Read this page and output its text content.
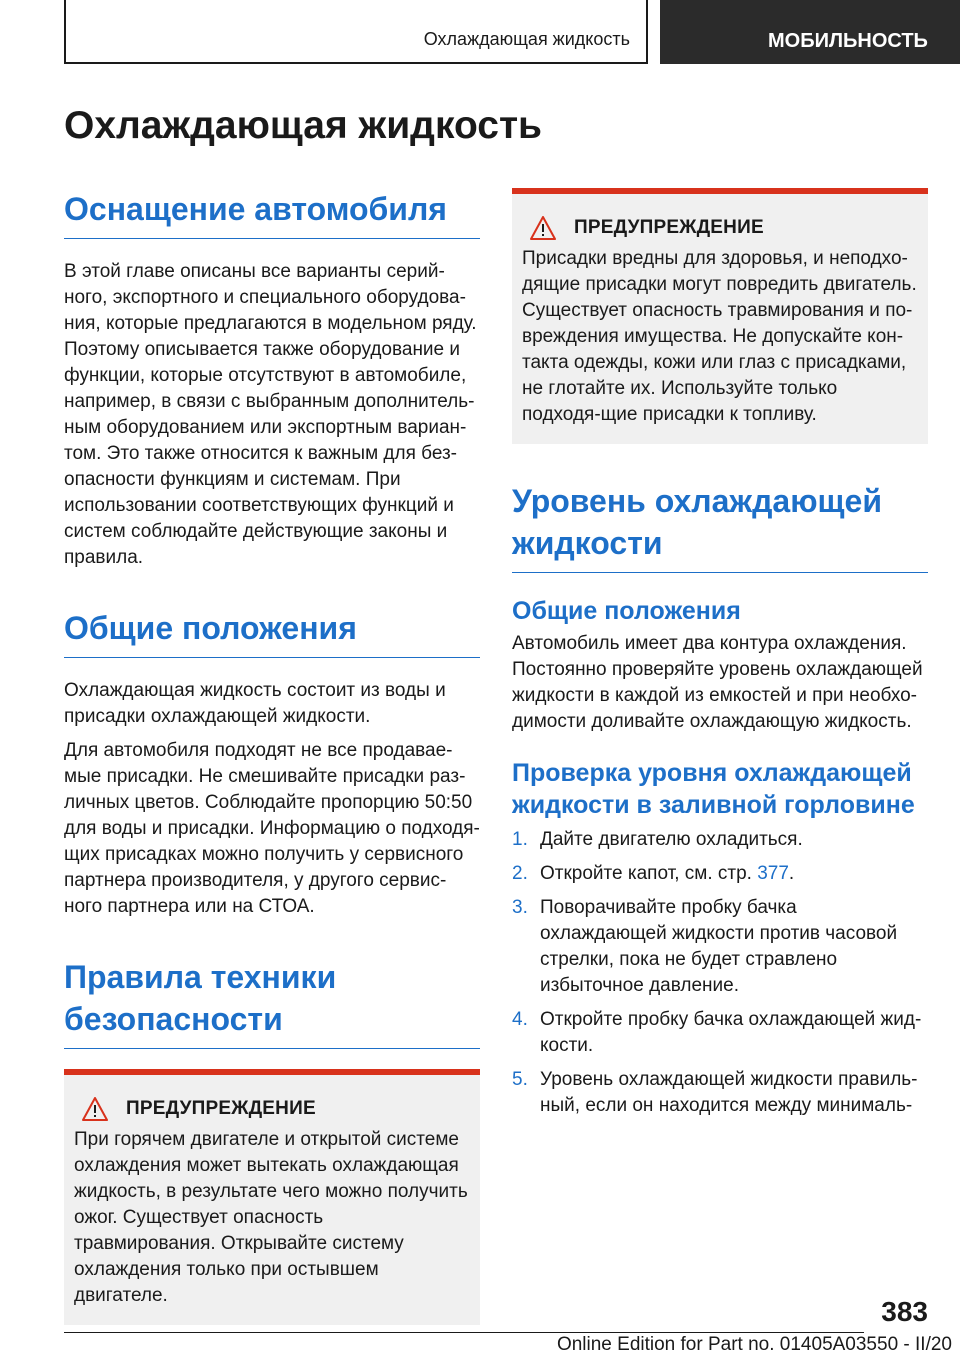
Охлаждающая жидкость	МОБИЛЬНОСТЬ
Охлаждающая жидкость
Оснащение автомобиля

В этой главе описаны все варианты серий-ного, экспортного и специального оборудова-ния, которые предлагаются в модельном ряду. Поэтому описывается также оборудование и функции, которые отсутствуют в автомобиле, например, в связи с выбранным дополнитель-ным оборудованием или экспортным вариан-том. Это также относится к важным для без-опасности функциям и системам. При использовании соответствующих функций и систем соблюдайте действующие законы и правила.

Общие положения

Охлаждающая жидкость состоит из воды и присадки охлаждающей жидкости.

Для автомобиля подходят не все продавае-мые присадки. Не смешивайте присадки раз-личных цветов. Соблюдайте пропорцию 50:50 для воды и присадки. Информацию о подходя-щих присадках можно получить у сервисного партнера производителя, у другого сервис-ного партнера или на СТОА.

Правила техники безопасности
ПРЕДУПРЕЖДЕНИЕ

При горячем двигателе и открытой системе охлаждения может вытекать охлаждающая жидкость, в результате чего можно получить ожог. Существует опасность травмирования. Открывайте систему охлаждения только при остывшем двигателе.

ПРЕДУПРЕЖДЕНИЕ

Присадки вредны для здоровья, и неподхо-дящие присадки могут повредить двигатель. Существует опасность травмирования и по-вреждения имущества. Не допускайте кон-такта одежды, кожи или глаз с присадками, не глотайте их. Используйте только подходя-щие присадки к топливу.

Уровень охлаждающей жидкости
Общие положения

Автомобиль имеет два контура охлаждения. Постоянно проверяйте уровень охлаждающей жидкости в каждой из емкостей и при необхо-димости доливайте охлаждающую жидкость.

Проверка уровня охлаждающей жидкости в заливной горловине
1. Дайте двигателю охладиться.

2. Откройте капот, см. стр. 377.

3. Поворачивайте пробку бачка охлаждающей жидкости против часовой стрелки, пока не будет стравлено избыточное давление.

4. Откройте пробку бачка охлаждающей жид-кости.

5. Уровень охлаждающей жидкости правиль-ный, если он находится между минималь-

383
Online Edition for Part no. 01405A03550 - II/20
